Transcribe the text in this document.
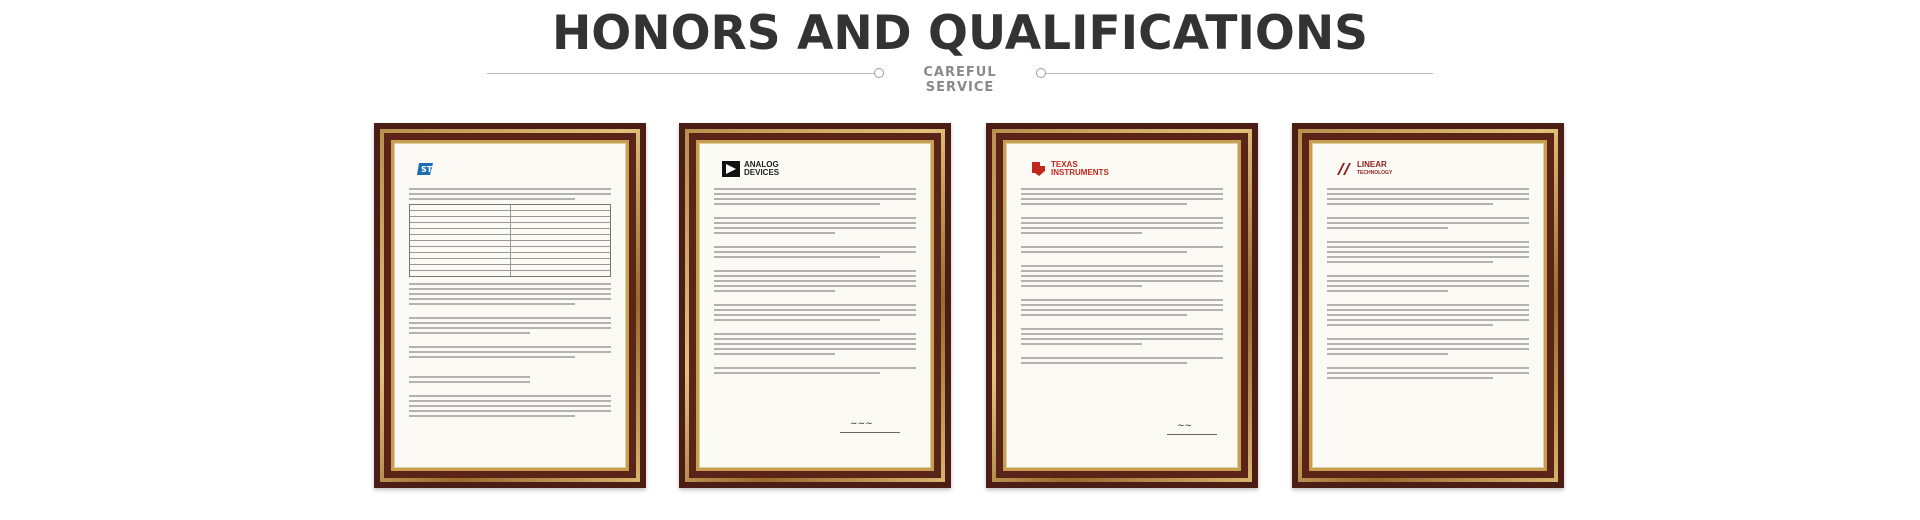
HONORS AND QUALIFICATIONS
CAREFUL SERVICE
ST
ANALOG
DEVICES
~~~
TEXAS
INSTRUMENTS
~~
LINEAR
TECHNOLOGY
